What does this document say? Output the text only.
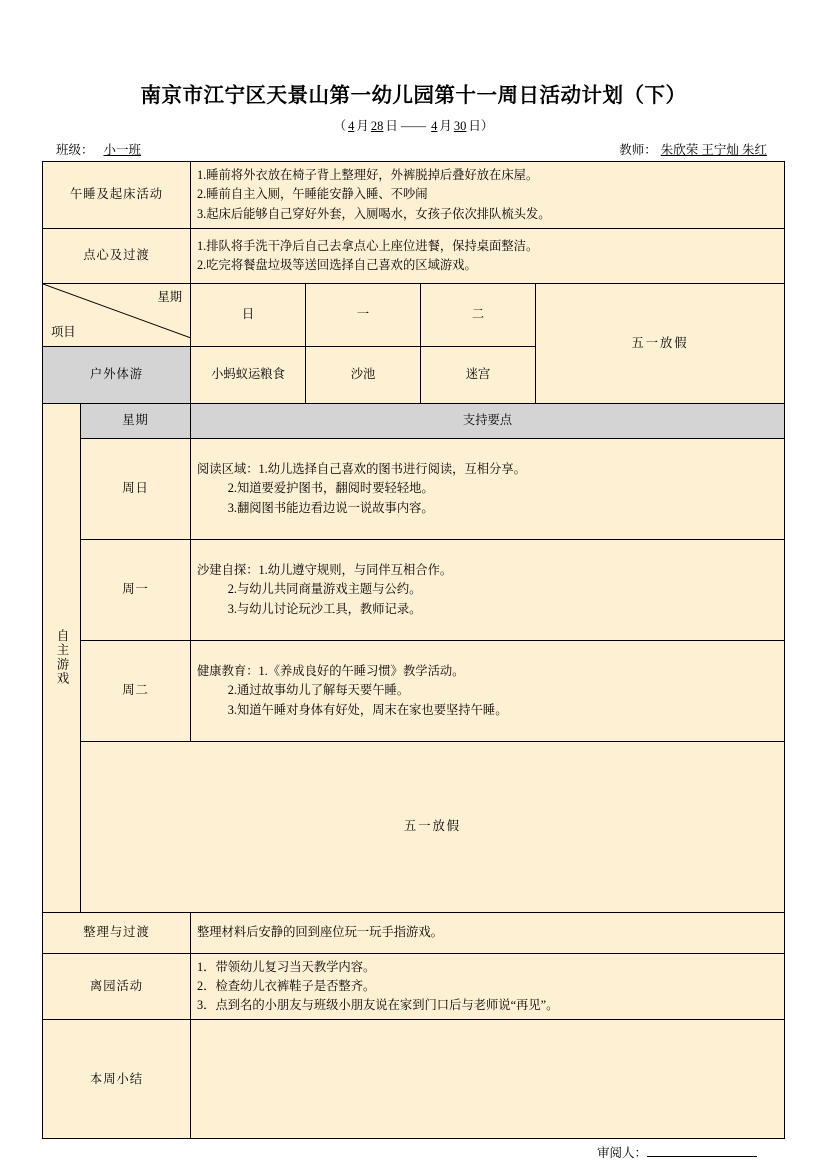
南京市江宁区天景山第一幼儿园第十一周日活动计划（下）
（ 4 月 28 日 —— 4 月 30 日）
班级： 小一班	教师： 朱欣荣 王宁灿 朱红
午睡及起床活动		1.睡前将外衣放在椅子背上整理好，外裤脱掉后叠好放在床屋。
2.睡前自主入厕，午睡能安静入睡、不吵闹
3.起床后能够自己穿好外套，入厕喝水，女孩子依次排队梳头发。			

点心及过渡		1.排队将手洗干净后自己去拿点心上座位进餐，保持桌面整洁。
2.吃完将餐盘垃圾等送回选择自己喜欢的区域游戏。			

星期
项目		日	一	二	五一放假
户外体游		小蚂蚁运粮食	沙池	迷宫	

自主游戏	星期	支持要点			
	周日	阅读区域：1.幼儿选择自己喜欢的图书进行阅读，互相分享。
2.知道要爱护图书，翻阅时要轻轻地。
3.翻阅图书能边看边说一说故事内容。			

	周一	沙建自探：1.幼儿遵守规则，与同伴互相合作。
2.与幼儿共同商量游戏主题与公约。
3.与幼儿讨论玩沙工具，教师记录。			

	周二	健康教育：1.《养成良好的午睡习惯》教学活动。
2.通过故事幼儿了解每天要午睡。
3.知道午睡对身体有好处，周末在家也要坚持午睡。			

	五一放假				
整理与过渡		整理材料后安静的回到座位玩一玩手指游戏。			
离园活动		1．带领幼儿复习当天教学内容。
2．检查幼儿衣裤鞋子是否整齐。
3．点到名的小朋友与班级小朋友说在家到门口后与老师说“再见”。			

本周小结					
审阅人：
